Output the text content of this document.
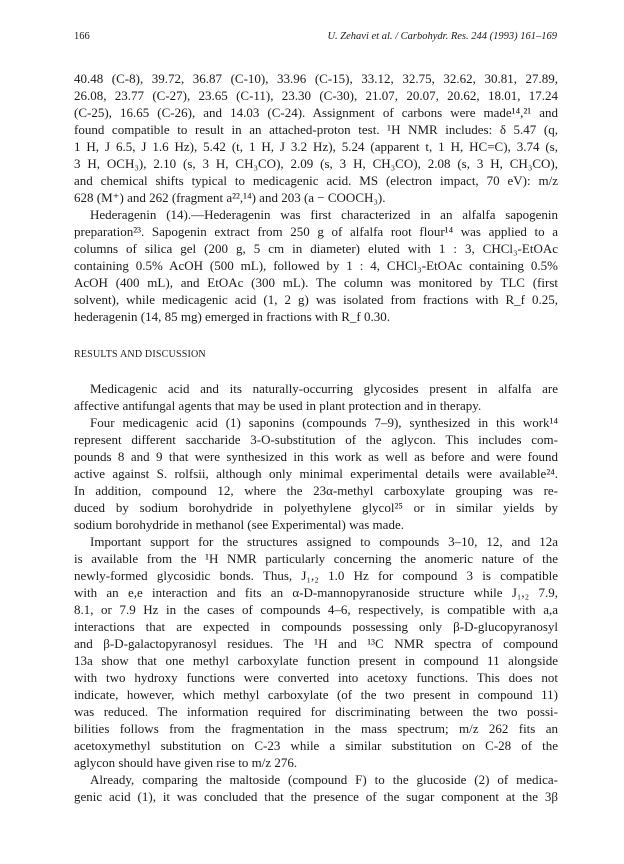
166	U. Zehavi et al. / Carbohydr. Res. 244 (1993) 161–169
40.48 (C-8), 39.72, 36.87 (C-10), 33.96 (C-15), 33.12, 32.75, 32.62, 30.81, 27.89,
26.08, 23.77 (C-27), 23.65 (C-11), 23.30 (C-30), 21.07, 20.07, 20.62, 18.01, 17.24
(C-25), 16.65 (C-26), and 14.03 (C-24). Assignment of carbons were made¹⁴,²¹ and
found compatible to result in an attached-proton test. ¹H NMR includes: δ 5.47 (q,
1 H, J 6.5, J 1.6 Hz), 5.42 (t, 1 H, J 3.2 Hz), 5.24 (apparent t, 1 H, HC=C), 3.74 (s,
3 H, OCH₃), 2.10 (s, 3 H, CH₃CO), 2.09 (s, 3 H, CH₃CO), 2.08 (s, 3 H, CH₃CO),
and chemical shifts typical to medicagenic acid. MS (electron impact, 70 eV): m/z
628 (M⁺) and 262 (fragment a²²,¹⁴) and 203 (a − COOCH₃).
Hederagenin (14).—Hederagenin was first characterized in an alfalfa sapogenin
preparation²³. Sapogenin extract from 250 g of alfalfa root flour¹⁴ was applied to a
columns of silica gel (200 g, 5 cm in diameter) eluted with 1 : 3, CHCl₃-EtOAc
containing 0.5% AcOH (500 mL), followed by 1 : 4, CHCl₃-EtOAc containing 0.5%
AcOH (400 mL), and EtOAc (300 mL). The column was monitored by TLC (first
solvent), while medicagenic acid (1, 2 g) was isolated from fractions with R_f 0.25,
hederagenin (14, 85 mg) emerged in fractions with R_f 0.30.
RESULTS AND DISCUSSION
Medicagenic acid and its naturally-occurring glycosides present in alfalfa are
affective antifungal agents that may be used in plant protection and in therapy.
Four medicagenic acid (1) saponins (compounds 7–9), synthesized in this work¹⁴
represent different saccharide 3-O-substitution of the aglycon. This includes com-
pounds 8 and 9 that were synthesized in this work as well as before and were found
active against S. rolfsii, although only minimal experimental details were available²⁴.
In addition, compound 12, where the 23α-methyl carboxylate grouping was re-
duced by sodium borohydride in polyethylene glycol²⁵ or in similar yields by
sodium borohydride in methanol (see Experimental) was made.
Important support for the structures assigned to compounds 3–10, 12, and 12a
is available from the ¹H NMR particularly concerning the anomeric nature of the
newly-formed glycosidic bonds. Thus, J₁,₂ 1.0 Hz for compound 3 is compatible
with an e,e interaction and fits an α-D-mannopyranoside structure while J₁,₂ 7.9,
8.1, or 7.9 Hz in the cases of compounds 4–6, respectively, is compatible with a,a
interactions that are expected in compounds possessing only β-D-glucopyranosyl
and β-D-galactopyranosyl residues. The ¹H and ¹³C NMR spectra of compound
13a show that one methyl carboxylate function present in compound 11 alongside
with two hydroxy functions were converted into acetoxy functions. This does not
indicate, however, which methyl carboxylate (of the two present in compound 11)
was reduced. The information required for discriminating between the two possi-
bilities follows from the fragmentation in the mass spectrum; m/z 262 fits an
acetoxymethyl substitution on C-23 while a similar substitution on C-28 of the
aglycon should have given rise to m/z 276.
Already, comparing the maltoside (compound F) to the glucoside (2) of medica-
genic acid (1), it was concluded that the presence of the sugar component at the 3β
